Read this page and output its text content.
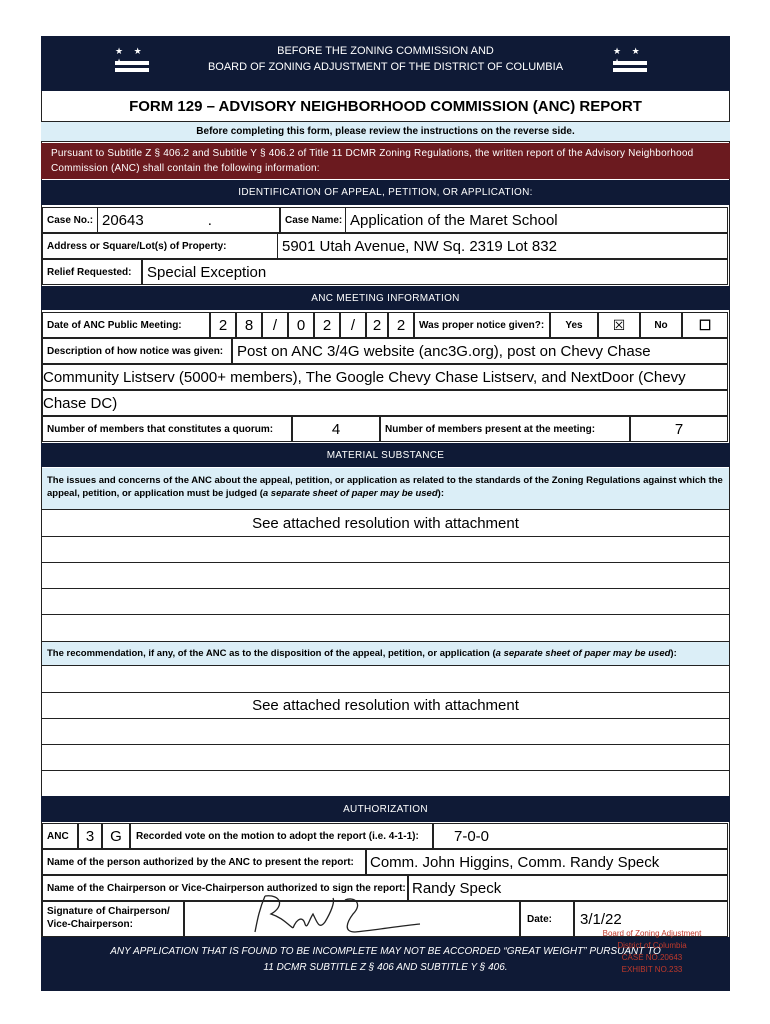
★ ★	BEFORE THE ZONING COMMISSION AND
BOARD OF ZONING ADJUSTMENT OF THE DISTRICT OF COLUMBIA
★ ★
FORM 129 – ADVISORY NEIGHBORHOOD COMMISSION (ANC) REPORT
Before completing this form, please review the instructions on the reverse side.
Pursuant to Subtitle Z § 406.2 and Subtitle Y § 406.2 of Title 11 DCMR Zoning Regulations, the written report of the Advisory Neighborhood Commission (ANC) shall contain the following information:
IDENTIFICATION OF APPEAL, PETITION, OR APPLICATION:
Case No.: 20643	.	Case Name: Application of the Maret School
Address or Square/Lot(s) of Property:	5901 Utah Avenue, NW Sq. 2319 Lot 832
Relief Requested: Special Exception
ANC MEETING INFORMATION
Date of ANC Public Meeting: 2 8 / 0 2 / 2 2 Was proper notice given?: Yes ☒	No ☐
Description of how notice was given: Post on ANC 3/4G website (anc3G.org), post on Chevy Chase
Community Listserv (5000+ members), The Google Chevy Chase Listserv, and NextDoor (Chevy
Chase DC)
Number of members that constitutes a quorum:	4	Number of members present at the meeting:	7
MATERIAL SUBSTANCE
The issues and concerns of the ANC about the appeal, petition, or application as related to the standards of the Zoning Regulations against which the appeal, petition, or application must be judged (a separate sheet of paper may be used):
See attached resolution with attachment
The recommendation, if any, of the ANC as to the disposition of the appeal, petition, or application ( a separate sheet of paper may be used ):
See attached resolution with attachment
AUTHORIZATION
ANC 3 G Recorded vote on the motion to adopt the report (i.e. 4-1-1): 7-0-0
Name of the person authorized by the ANC to present the report: Comm. John Higgins, Comm. Randy Speck
Name of the Chairperson or Vice-Chairperson authorized to sign the report: Randy Speck
Signature of Chairperson/
Vice-Chairperson:	Date: 3/1/22
ANY APPLICATION THAT IS FOUND TO BE INCOMPLETE MAY NOT BE ACCORDED “GREAT WEIGHT” PURSUANT TO
11 DCMR SUBTITLE Z § 406 AND SUBTITLE Y § 406.
Board of Zoning Adjustment
District of Columbia
CASE NO.20643
EXHIBIT NO.233
